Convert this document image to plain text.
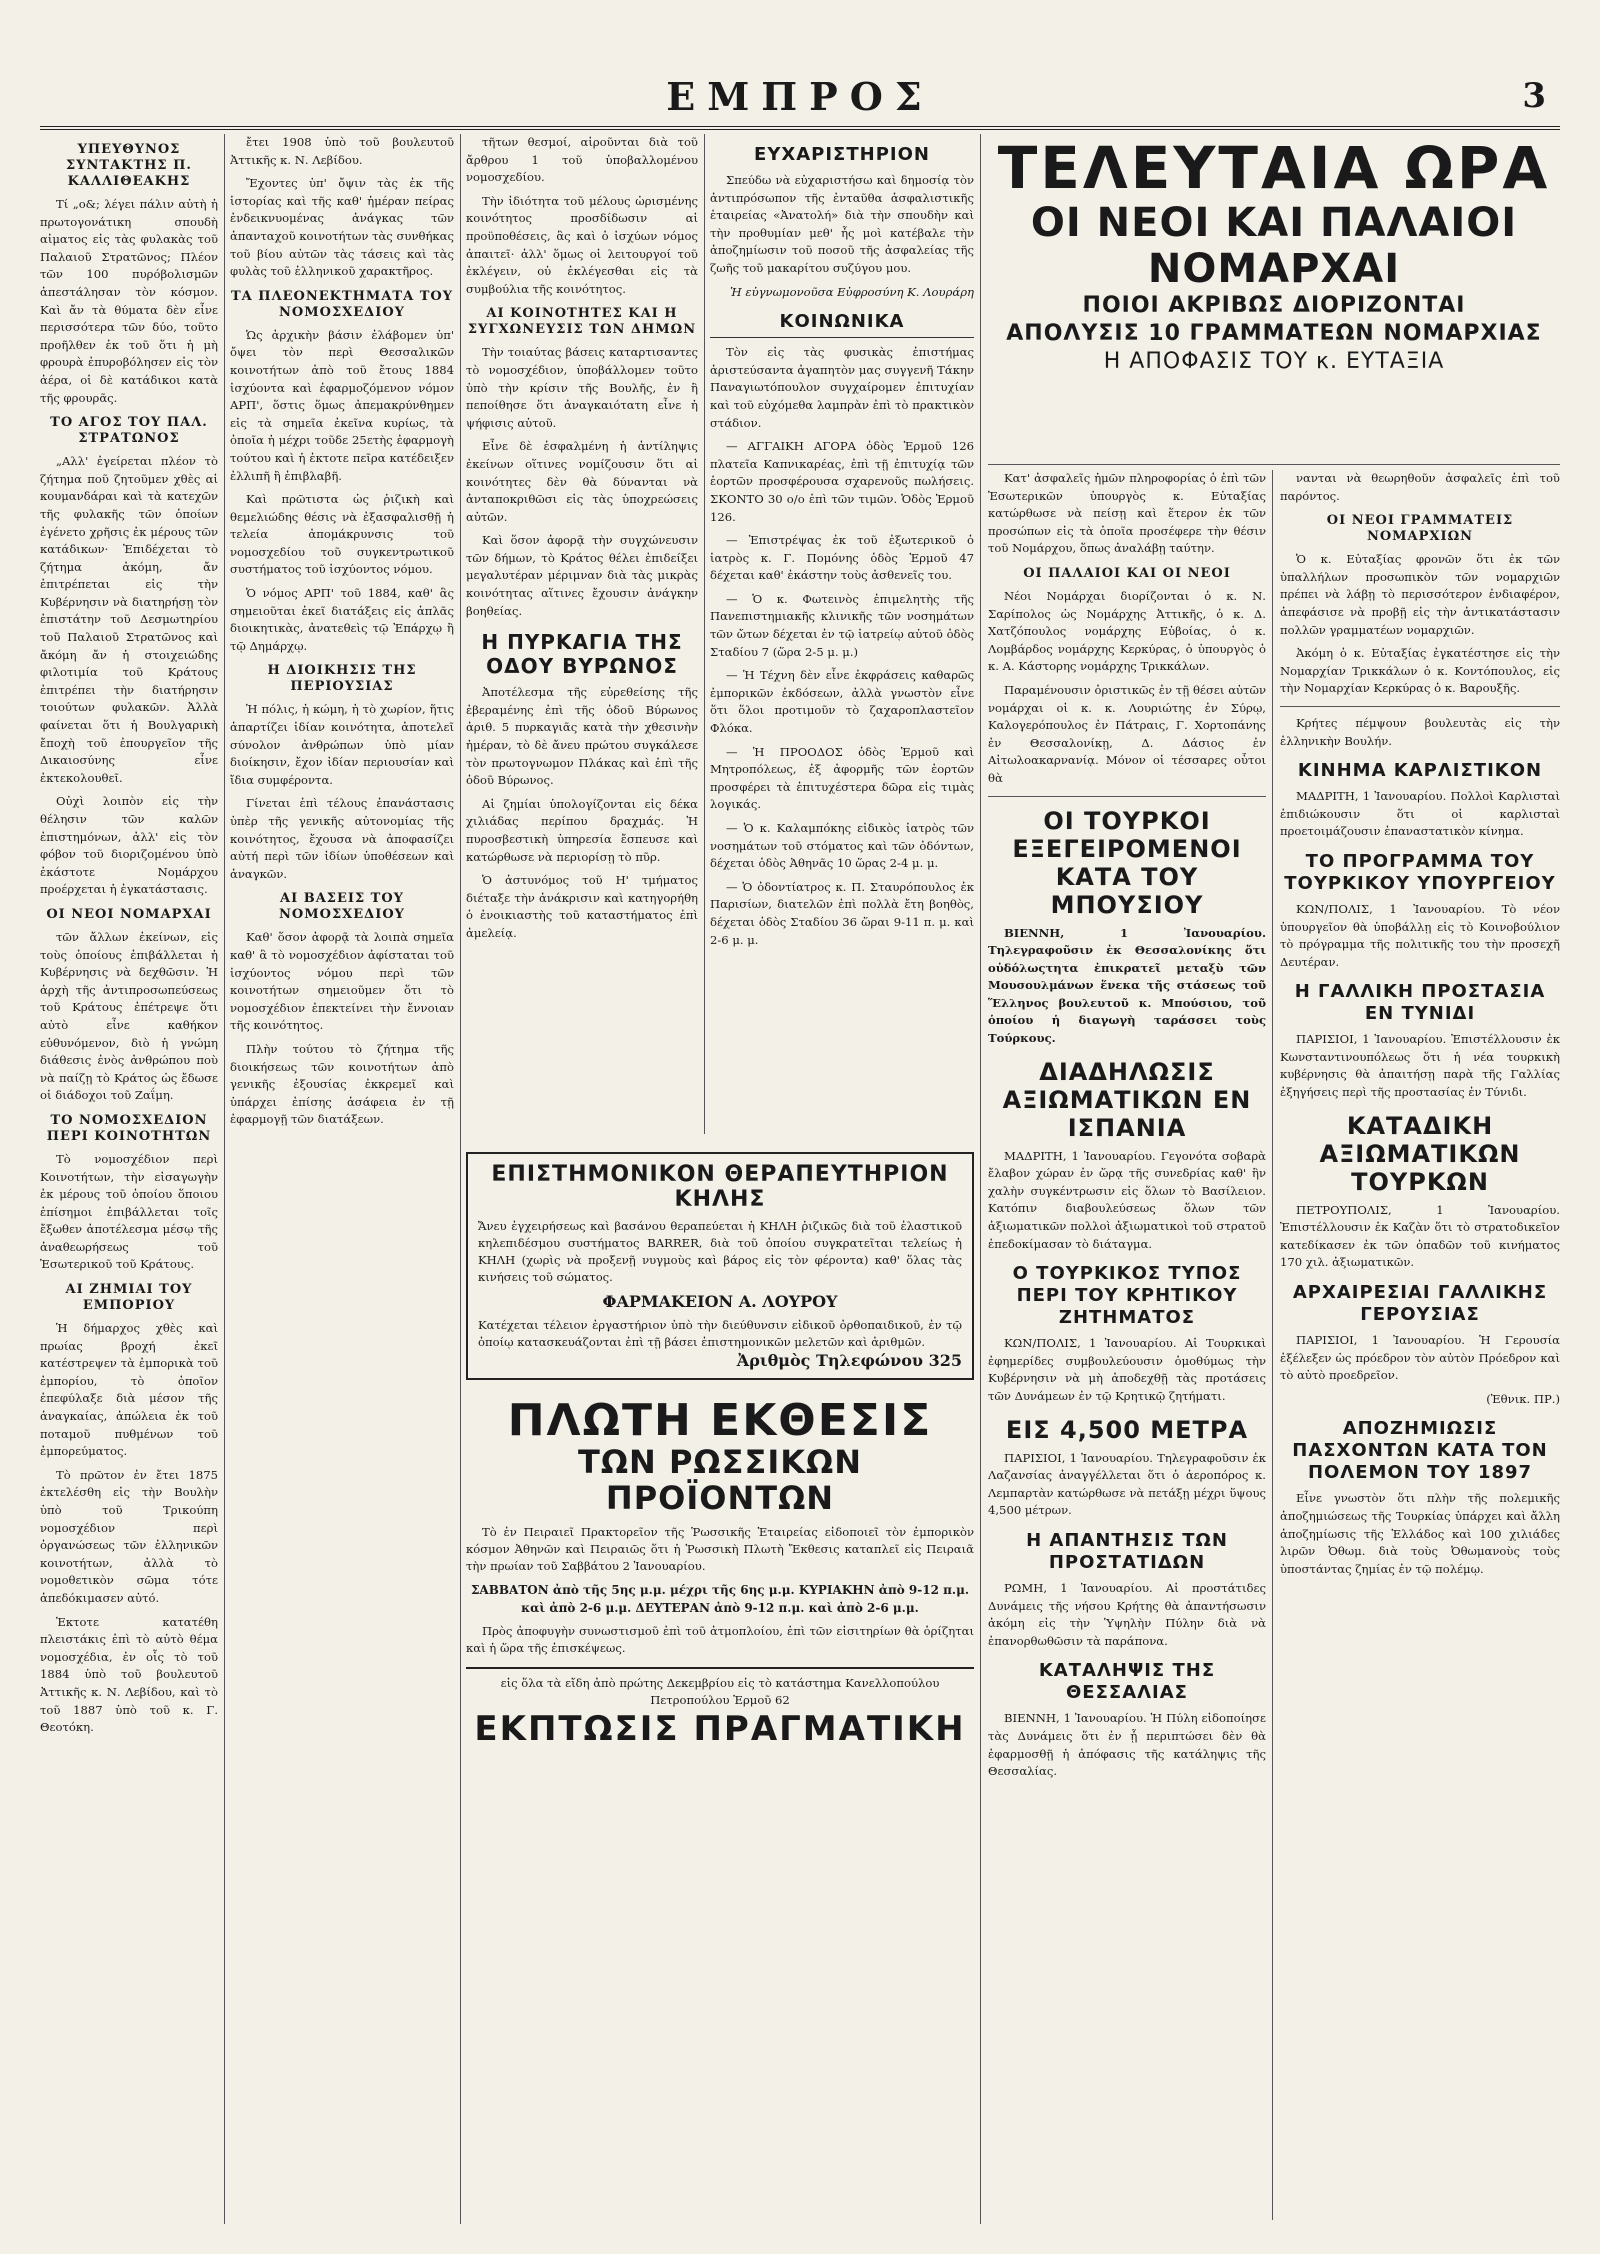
ΕΜΠΡΟΣ	3
ΥΠΕΥΘΥΝΟΣ ΣΥΝΤΑΚΤΗΣ Π. ΚΑΛΛΙΘΕΑΚΗΣ

Τί „ο&; λέγει πάλιν αὐτὴ ἡ πρωτογονάτικη σπουδὴ αἰματος εἰς τὰς φυλακὰς τοῦ Παλαιοῦ Στρατῶνος; Πλέον τῶν 100 πυρόβολισμῶν ἀπεστάλησαν τὸν κόσμον. Καὶ ἄν τὰ θύματα δὲν εἶνε περισσότερα τῶν δύο, τοῦτο προῆλθεν ἐκ τοῦ ὅτι ἡ μὴ φρουρὰ ἐπυροβόλησεν εἰς τὸν ἀέρα, οἱ δὲ κατάδικοι κατὰ τῆς φρουρᾶς.

ΤΟ ΑΓΟΣ ΤΟΥ ΠΑΛ. ΣΤΡΑΤΩΝΟΣ

„Αλλ' ἐγείρεται πλέον τὸ ζήτημα ποῦ ζητοῦμεν χθὲς αἱ κουμανδάραι καὶ τὰ κατεχῶν τῆς φυλακῆς τῶν ὁποίων ἐγένετο χρῆσις ἐκ μέρους τῶν κατάδικων· Ἐπιδέχεται τὸ ζήτημα ἀκόμη, ἄν ἐπιτρέπεται εἰς τὴν Κυβέρνησιν νὰ διατηρήσῃ τὸν ἐπιστάτην τοῦ Δεσμωτηρίου τοῦ Παλαιοῦ Στρατῶνος καὶ ἄκόμη ἄν ἡ στοιχειώδης φιλοτιμία τοῦ Κράτους ἐπιτρέπει τὴν διατήρησιν τοιούτων φυλακῶν. Ἀλλὰ φαίνεται ὅτι ἡ Βουλγαρικὴ ἔποχὴ τοῦ ἐπουργεῖον τῆς Δικαιοσύνης εἶνε ἐκτεκολουθεῖ.

Οὐχὶ λοιπὸν εἰς τὴν θέλησιν τῶν καλῶν ἐπιστημόνων, ἀλλ' εἰς τὸν φόβον τοῦ διοριζομένου ὑπὸ ἐκάστοτε Νομάρχου προέρχεται ἡ ἐγκατάστασις.

ΟΙ ΝΕΟΙ ΝΟΜΑΡΧΑΙ

τῶν ἄλλων ἐκείνων, εἰς τοὺς ὁποίους ἐπιβάλλεται ἡ Κυβέρνησις νὰ δεχθῶσιν. Ἡ ἀρχὴ τῆς ἀντιπροσωπεύσεως τοῦ Κράτους ἐπέτρεψε ὅτι αὐτὸ εἶνε καθήκον εὐθυνόμενον, διὸ ἡ γνώμη διάθεσις ἐνὸς ἀνθρώπου ποὺ νὰ παίζῃ τὸ Κράτος ὡς ἔδωσε οἱ διάδοχοι τοῦ Ζαΐμη.

ΤΟ ΝΟΜΟΣΧΕΔΙΟΝ ΠΕΡΙ ΚΟΙΝΟΤΗΤΩΝ

Τὸ νομοσχέδιον περὶ Κοινοτήτων, τὴν εἰσαγωγὴν ἐκ μέρους τοῦ ὁποίου ὅποιου ἐπίσημοι ἐπιβάλλεται τοῖς ἔξωθεν ἀποτέλεσμα μέσῳ τῆς ἀναθεωρήσεως τοῦ Ἐσωτερικοῦ τοῦ Κράτους.

ΑΙ ΖΗΜΙΑΙ ΤΟΥ ΕΜΠΟΡΙΟΥ

Ἡ δήμαρχος χθὲς καὶ πρωίας βροχή ἐκεῖ κατέστρεψεν τὰ ἐμπορικὰ τοῦ ἐμπορίου, τὸ ὁποῖον ἐπεφύλαξε διὰ μέσον τῆς ἀναγκαίας, ἀπώλεια ἐκ τοῦ ποταμοῦ πυθμένων τοῦ ἐμπορεύματος.

Τὸ πρῶτον ἐν ἔτει 1875 ἐκτελέσθη εἰς τὴν Βουλὴν ὑπὸ τοῦ Τρικούπη νομοσχέδιον περὶ ὀργανώσεως τῶν ἑλληνικῶν κοινοτήτων, ἀλλὰ τὸ νομοθετικὸν σῶμα τότε ἀπεδόκιμασεν αὐτό.

Ἐκτοτε κατατέθη πλειστάκις ἐπὶ τὸ αὐτὸ θέμα νομοσχέδια, ἐν οἷς τὸ τοῦ 1884 ὑπὸ τοῦ βουλευτοῦ Ἀττικῆς κ. Ν. Λεβίδου, καὶ τὸ τοῦ 1887 ὑπὸ τοῦ κ. Γ. Θεοτόκη.

ἔτει 1908 ὑπὸ τοῦ βουλευτοῦ Ἀττικῆς κ. Ν. Λεβίδου.

Ἔχοντες ὑπ' ὄψιν τὰς ἐκ τῆς ἱστορίας καὶ τῆς καθ' ἡμέραν πείρας ἐνδεικνυομένας ἀνάγκας τῶν ἀπανταχοῦ κοινοτήτων τὰς συνθήκας τοῦ βίου αὐτῶν τὰς τάσεις καὶ τὰς φυλὰς τοῦ ἑλληνικοῦ χαρακτῆρος.

ΤΑ ΠΛΕΟΝΕΚΤΗΜΑΤΑ ΤΟΥ ΝΟΜΟΣΧΕΔΙΟΥ

Ὡς ἀρχικὴν βάσιν ἐλάβομεν ὑπ' ὄψει τὸν περὶ Θεσσαλικῶν κοινοτήτων ἀπὸ τοῦ ἔτους 1884 ἰσχύοντα καὶ ἐφαρμοζόμενον νόμον ΑΡΠ', ὅστις ὅμως ἀπεμακρύνθημεν εἰς τὰ σημεῖα ἐκεῖνα κυρίως, τὰ ὁποῖα ἡ μέχρι τοῦδε 25ετὴς ἐφαρμογὴ τούτου καὶ ἡ ἐκτοτε πεῖρα κατέδειξεν ἐλλιπῆ ἢ ἐπιβλαβῆ.

Καὶ πρῶτιστα ὡς ῥιζικὴ καὶ θεμελιώδης θέσις νὰ ἐξασφαλισθῇ ἡ τελεία ἀπομάκρυνσις τοῦ νομοσχεδίου τοῦ συγκεντρωτικοῦ συστήματος τοῦ ἰσχύοντος νόμου.

Ὁ νόμος ΑΡΠ' τοῦ 1884, καθ' ἃς σημειοῦται ἐκεῖ διατάξεις εἰς ἁπλᾶς διοικητικὰς, ἀνατεθεὶς τῷ Ἐπάρχῳ ἢ τῷ Δημάρχῳ.

Η ΔΙΟΙΚΗΣΙΣ ΤΗΣ ΠΕΡΙΟΥΣΙΑΣ

Ἡ πόλις, ἡ κώμη, ἡ τὸ χωρίον, ἥτις ἀπαρτίζει ἰδίαν κοινότητα, ἀποτελεῖ σύνολον ἀνθρώπων ὑπὸ μίαν διοίκησιν, ἔχον ἰδίαν περιουσίαν καὶ ἴδια συμφέροντα.

Γίνεται ἐπὶ τέλους ἐπανάστασις ὑπὲρ τῆς γενικῆς αὐτονομίας τῆς κοινότητος, ἔχουσα νὰ ἀποφασίζει αὐτή περὶ τῶν ἰδίων ὑποθέσεων καὶ ἀναγκῶν.

ΑΙ ΒΑΣΕΙΣ ΤΟΥ ΝΟΜΟΣΧΕΔΙΟΥ

Καθ' ὅσον ἀφορᾷ τὰ λοιπὰ σημεῖα καθ' ἃ τὸ νομοσχέδιον ἀφίσταται τοῦ ἰσχύοντος νόμου περὶ τῶν κοινοτήτων σημειοῦμεν ὅτι τὸ νομοσχέδιον ἐπεκτείνει τὴν ἔννοιαν τῆς κοινότητος.

Πλὴν τούτου τὸ ζήτημα τῆς διοικήσεως τῶν κοινοτήτων ἀπὸ γενικῆς ἐξουσίας ἐκκρεμεῖ καὶ ὑπάρχει ἐπίσης ἀσάφεια ἐν τῇ ἐφαρμογῇ τῶν διατάξεων.

τῆτων θεσμοί, αἱροῦνται διὰ τοῦ ἄρθρου 1 τοῦ ὑποβαλλομένου νομοσχεδίου.

Τὴν ἰδιότητα τοῦ μέλους ὡρισμένης κοινότητος προσδίδωσιν αἱ προϋποθέσεις, ἃς καὶ ὁ ἰσχύων νόμος ἀπαιτεῖ· ἀλλ' ὅμως οἱ λειτουργοί τοῦ ἐκλέγειν, οὐ ἐκλέγεσθαι εἰς τὰ συμβούλια τῆς κοινότητος.

ΑΙ ΚΟΙΝΟΤΗΤΕΣ ΚΑΙ Η ΣΥΓΧΩΝΕΥΣΙΣ ΤΩΝ ΔΗΜΩΝ

Τὴν τοιαύτας βάσεις καταρτισαντες τὸ νομοσχέδιον, ὑποβάλλομεν τοῦτο ὑπὸ τὴν κρίσιν τῆς Βουλῆς, ἐν ἣ πεποίθησε ὅτι ἀναγκαιότατη εἶνε ἡ ψήφισις αὐτοῦ.

Εἶνε δὲ ἐσφαλμένη ἡ ἀντίληψις ἐκείνων οἵτινες νομίζουσιν ὅτι αἱ κοινότητες δὲν θὰ δύνανται νὰ ἀνταποκριθῶσι εἰς τὰς ὑποχρεώσεις αὐτῶν.

Καὶ ὅσον ἀφορᾷ τὴν συγχώνευσιν τῶν δήμων, τὸ Κράτος θέλει ἐπιδείξει μεγαλυτέραν μέριμναν διὰ τὰς μικρὰς κοινότητας αἵτινες ἔχουσιν ἀνάγκην βοηθείας.

Η ΠΥΡΚΑΓΙΑ ΤΗΣ ΟΔΟΥ ΒΥΡΩΝΟΣ

Ἀποτέλεσμα τῆς εὐρεθείσης τῆς ἐβεραμένης ἐπὶ τῆς ὁδοῦ Βύρωνος ἀριθ. 5 πυρκαγιᾶς κατὰ τὴν χθεσινὴν ἡμέραν, τὸ δὲ ἄνευ πρώτου συγκάλεσε τὸν πρωτογνωμον Πλάκας καὶ ἐπὶ τῆς ὁδοῦ Βύρωνος.

Αἱ ζημίαι ὑπολογίζονται εἰς δέκα χιλιάδας περίπου δραχμάς. Ἡ πυροσβεστικὴ ὑπηρεσία ἔσπευσε καὶ κατώρθωσε νὰ περιορίσῃ τὸ πῦρ.

Ὁ ἀστυνόμος τοῦ Η' τμήματος διέταξε τὴν ἀνάκρισιν καὶ κατηγορήθη ὁ ἐνοικιαστὴς τοῦ καταστήματος ἐπὶ ἀμελείᾳ.

ΕΥΧΑΡΙΣΤΗΡΙΟΝ

Σπεύδω νὰ εὐχαριστήσω καὶ δημοσίᾳ τὸν ἀντιπρόσωπον τῆς ἐνταῦθα ἀσφαλιστικῆς ἑταιρείας «Ἀνατολή» διὰ τὴν σπουδὴν καὶ τὴν προθυμίαν μεθ' ἧς μοὶ κατέβαλε τὴν ἀποζημίωσιν τοῦ ποσοῦ τῆς ἀσφαλείας τῆς ζωῆς τοῦ μακαρίτου συζύγου μου.

Ἡ εὐγνωμονοῦσα Εὐφροσύνη Κ. Λουράρη
ΚΟΙΝΩΝΙΚΑ

Τὸν εἰς τὰς φυσικὰς ἐπιστήμας ἀριστεύσαντα ἀγαπητὸν μας συγγενῆ Τάκην Παναγιωτόπουλον συγχαίρομεν ἐπιτυχίαν καὶ τοῦ εὐχόμεθα λαμπρὰν ἐπὶ τὸ πρακτικὸν στάδιον.

— ΑΓΓΑΙΚΗ ΑΓΟΡΑ ὁδὸς Ἑρμοῦ 126 πλατεῖα Καπνικαρέας, ἐπὶ τῇ ἐπιτυχίᾳ τῶν ἑορτῶν προσφέρουσα σχαρενοῦς πωλήσεις. ΣΚΟΝΤΟ 30 ο/ο ἐπὶ τῶν τιμῶν. Ὁδὸς Ἑρμοῦ 126.

— Ἐπιστρέψας ἐκ τοῦ ἐξωτερικοῦ ὁ ἰατρὸς κ. Γ. Πομόνης ὁδὸς Ἑρμοῦ 47 δέχεται καθ' ἑκάστην τοὺς ἀσθενεῖς του.

— Ὁ κ. Φωτεινὸς ἐπιμελητὴς τῆς Πανεπιστημιακῆς κλινικῆς τῶν νοσημάτων τῶν ὤτων δέχεται ἐν τῷ ἰατρείῳ αὐτοῦ ὁδὸς Σταδίου 7 (ὥρα 2-5 μ. μ.)

— Ἡ Τέχνη δὲν εἶνε ἐκφράσεις καθαρῶς ἐμπορικῶν ἐκδόσεων, ἀλλὰ γνωστὸν εἶνε ὅτι ὅλοι προτιμοῦν τὸ ζαχαροπλαστεῖον Φλόκα.

— Ἡ ΠΡΟΟΔΟΣ ὁδὸς Ἑρμοῦ καὶ Μητροπόλεως, ἐξ ἀφορμῆς τῶν ἑορτῶν προσφέρει τὰ ἐπιτυχέστερα δῶρα εἰς τιμὰς λογικάς.

— Ὁ κ. Καλαμπόκης εἰδικὸς ἰατρὸς τῶν νοσημάτων τοῦ στόματος καὶ τῶν ὀδόντων, δέχεται ὁδὸς Ἀθηνᾶς 10 ὥρας 2-4 μ. μ.

— Ὁ ὀδοντίατρος κ. Π. Σταυρόπουλος ἐκ Παρισίων, διατελῶν ἐπὶ πολλὰ ἔτη βοηθὸς, δέχεται ὁδὸς Σταδίου 36 ὥραι 9-11 π. μ. καὶ 2-6 μ. μ.

ΕΠΙΣΤΗΜΟΝΙΚΟΝ ΘΕΡΑΠΕΥΤΗΡΙΟΝ ΚΗΛΗΣ
Ἄνευ ἐγχειρήσεως καὶ βασάνου θεραπεύεται ἡ ΚΗΛΗ ῥιζικῶς διὰ τοῦ ἐλαστικοῦ κηλεπιδέσμου συστήματος BARRER, διὰ τοῦ ὁποίου συγκρατεῖται τελείως ἡ ΚΗΛΗ (χωρὶς νὰ προξενῇ νυγμοὺς καὶ βάρος εἰς τὸν φέροντα) καθ' ὅλας τὰς κινήσεις τοῦ σώματος.
ΦΑΡΜΑΚΕΙΟΝ Α. ΛΟΥΡΟΥ
Κατέχεται τέλειον ἐργαστήριον ὑπὸ τὴν διεύθυνσιν εἰδικοῦ ὀρθοπαιδικοῦ, ἐν τῷ ὁποίῳ κατασκευάζονται ἐπὶ τῇ βάσει ἐπιστημονικῶν μελετῶν καὶ ἀριθμῶν.
Ἀριθμὸς Τηλεφώνου 325
ΠΛΩΤΗ ΕΚΘΕΣΙΣ
ΤΩΝ ΡΩΣΣΙΚΩΝ ΠΡΟΪΟΝΤΩΝ
Τὸ ἐν Πειραιεῖ Πρακτορεῖον τῆς Ῥωσσικῆς Ἑταιρείας εἰδοποιεῖ τὸν ἐμπορικὸν κόσμον Ἀθηνῶν καὶ Πειραιῶς ὅτι ἡ Ῥωσσικὴ Πλωτὴ Ἔκθεσις καταπλεῖ εἰς Πειραιᾶ τὴν πρωίαν τοῦ Σαββάτου 2 Ἰανουαρίου.
ΣΑΒΒΑΤΟΝ ἀπὸ τῆς 5ης μ.μ. μέχρι τῆς 6ης μ.μ. ΚΥΡΙΑΚΗΝ ἀπὸ 9-12 π.μ. καὶ ἀπὸ 2-6 μ.μ. ΔΕΥΤΕΡΑΝ ἀπὸ 9-12 π.μ. καὶ ἀπὸ 2-6 μ.μ.
Πρὸς ἀποφυγὴν συνωστισμοῦ ἐπὶ τοῦ ἀτμοπλοίου, ἐπὶ τῶν εἰσιτηρίων θὰ ὁρίζηται καὶ ἡ ὥρα τῆς ἐπισκέψεως.
εἰς ὅλα τὰ εἴδη ἀπὸ πρώτης Δεκεμβρίου εἰς τὸ κατάστημα Κανελλοπούλου Πετροπούλου Ἑρμοῦ 62
ΕΚΠΤΩΣΙΣ ΠΡΑΓΜΑΤΙΚΗ
ΤΕΛΕΥΤΑΙΑ ΩΡΑ
ΟΙ ΝΕΟΙ ΚΑΙ ΠΑΛΑΙΟΙ ΝΟΜΑΡΧΑΙ
ΠΟΙΟΙ ΑΚΡΙΒΩΣ ΔΙΟΡΙΖΟΝΤΑΙ
ΑΠΟΛΥΣΙΣ 10 ΓΡΑΜΜΑΤΕΩΝ ΝΟΜΑΡΧΙΑΣ
Η ΑΠΟΦΑΣΙΣ ΤΟΥ κ. ΕΥΤΑΞΙΑ

Κατ' ἀσφαλεῖς ἡμῶν πληροφορίας ὁ ἐπὶ τῶν Ἐσωτερικῶν ὑπουργὸς κ. Εὐταξίας κατώρθωσε νὰ πείσῃ καὶ ἕτερον ἐκ τῶν προσώπων εἰς τὰ ὁποῖα προσέφερε τὴν θέσιν τοῦ Νομάρχου, ὅπως ἀναλάβῃ ταύτην.

ΟΙ ΠΑΛΑΙΟΙ ΚΑΙ ΟΙ ΝΕΟΙ

Νέοι Νομάρχαι διορίζονται ὁ κ. Ν. Σαρίπολος ὡς Νομάρχης Ἀττικῆς, ὁ κ. Δ. Χατζόπουλος νομάρχης Εὐβοίας, ὁ κ. Λομβάρδος νομάρχης Κερκύρας, ὁ ὑπουργὸς ὁ κ. Α. Κάστορης νομάρχης Τρικκάλων.

Παραμένουσιν ὀριστικῶς ἐν τῇ θέσει αὐτῶν νομάρχαι οἱ κ. κ. Λουριώτης ἐν Σύρῳ, Καλογερόπουλος ἐν Πάτραις, Γ. Χορτοπάνης ἐν Θεσσαλονίκῃ, Δ. Δάσιος ἐν Αἰτωλοακαρνανίᾳ. Μόνον οἱ τέσσαρες οὗτοι θὰ

ΟΙ ΤΟΥΡΚΟΙ ΕΞΕΓΕΙΡΟΜΕΝΟΙ ΚΑΤΑ ΤΟΥ ΜΠΟΥΣΙΟΥ

ΒΙΕΝΝΗ, 1 Ἰανουαρίου. Τηλεγραφοῦσιν ἐκ Θεσσαλονίκης ὅτι οὐδόλωςτητα ἐπικρατεῖ μεταξὺ τῶν Μουσουλμάνων ἕνεκα τῆς στάσεως τοῦ Ἕλληνος βουλευτοῦ κ. Μπούσιου, τοῦ ὁποίου ἡ διαγωγὴ ταράσσει τοὺς Τούρκους.

ΔΙΑΔΗΛΩΣΙΣ ΑΞΙΩΜΑΤΙΚΩΝ ΕΝ ΙΣΠΑΝΙΑ

ΜΑΔΡΙΤΗ, 1 Ἰανουαρίου. Γεγονότα σοβαρὰ ἔλαβον χώραν ἐν ὥρᾳ τῆς συνεδρίας καθ' ἣν χαλὴν συγκέντρωσιν εἰς ὅλων τὸ Βασίλειον. Κατόπιν διαβουλεύσεως ὅλων τῶν ἀξιωματικῶν πολλοὶ ἀξιωματικοὶ τοῦ στρατοῦ ἐπεδοκίμασαν τὸ διάταγμα.

Ο ΤΟΥΡΚΙΚΟΣ ΤΥΠΟΣ ΠΕΡΙ ΤΟΥ ΚΡΗΤΙΚΟΥ ΖΗΤΗΜΑΤΟΣ

ΚΩΝ/ΠΟΛΙΣ, 1 Ἰανουαρίου. Αἱ Τουρκικαὶ ἐφημερίδες συμβουλεύουσιν ὁμοθύμως τὴν Κυβέρνησιν νὰ μὴ ἀποδεχθῇ τὰς προτάσεις τῶν Δυνάμεων ἐν τῷ Κρητικῷ ζητήματι.

ΕΙΣ 4,500 ΜΕΤΡΑ

ΠΑΡΙΣΙΟΙ, 1 Ἰανουαρίου. Τηλεγραφοῦσιν ἐκ Λαζανσίας ἀναγγέλλεται ὅτι ὁ ἀεροπόρος κ. Λεμπαρτὰν κατώρθωσε νὰ πετάξῃ μέχρι ὕψους 4,500 μέτρων.

Η ΑΠΑΝΤΗΣΙΣ ΤΩΝ ΠΡΟΣΤΑΤΙΔΩΝ

ΡΩΜΗ, 1 Ἰανουαρίου. Αἱ προστάτιδες Δυνάμεις τῆς νήσου Κρήτης θὰ ἀπαντήσωσιν ἀκόμη εἰς τὴν Ὑψηλὴν Πύλην διὰ νὰ ἐπανορθωθῶσιν τὰ παράπονα.

ΚΑΤΑΛΗΨΙΣ ΤΗΣ ΘΕΣΣΑΛΙΑΣ

ΒΙΕΝΝΗ, 1 Ἰανουαρίου. Ἡ Πύλη εἰδοποίησε τὰς Δυνάμεις ὅτι ἐν ᾗ περιπτώσει δὲν θὰ ἐφαρμοσθῇ ἡ ἀπόφασις τῆς κατάληψις τῆς Θεσσαλίας.

νανται νὰ θεωρηθοῦν ἀσφαλεῖς ἐπὶ τοῦ παρόντος.

ΟΙ ΝΕΟΙ ΓΡΑΜΜΑΤΕΙΣ ΝΟΜΑΡΧΙΩΝ

Ὁ κ. Εὐταξίας φρονῶν ὅτι ἐκ τῶν ὑπαλλήλων προσωπικὸν τῶν νομαρχιῶν πρέπει νὰ λάβῃ τὸ περισσότερον ἐνδιαφέρον, ἀπεφάσισε νὰ προβῇ εἰς τὴν ἀντικατάστασιν πολλῶν γραμματέων νομαρχιῶν.

Ἀκόμη ὁ κ. Εὐταξίας ἐγκατέστησε εἰς τὴν Νομαρχίαν Τρικκάλων ὁ κ. Κοντόπουλος, εἰς τὴν Νομαρχίαν Κερκύρας ὁ κ. Βαρουξῆς.

Κρήτες πέμψουν βουλευτὰς εἰς τὴν ἑλληνικὴν Βουλήν.

ΚΙΝΗΜΑ ΚΑΡΛΙΣΤΙΚΟΝ

ΜΑΔΡΙΤΗ, 1 Ἰανουαρίου. Πολλοὶ Καρλισταὶ ἐπιδιώκουσιν ὅτι οἱ καρλισταὶ προετοιμάζουσιν ἐπαναστατικὸν κίνημα.

ΤΟ ΠΡΟΓΡΑΜΜΑ ΤΟΥ ΤΟΥΡΚΙΚΟΥ ΥΠΟΥΡΓΕΙΟΥ

ΚΩΝ/ΠΟΛΙΣ, 1 Ἰανουαρίου. Τὸ νέον ὑπουργεῖον θὰ ὑποβάλλῃ εἰς τὸ Κοινοβούλιον τὸ πρόγραμμα τῆς πολιτικῆς του τὴν προσεχῆ Δευτέραν.

Η ΓΑΛΛΙΚΗ ΠΡΟΣΤΑΣΙΑ ΕΝ ΤΥΝΙΔΙ

ΠΑΡΙΣΙΟΙ, 1 Ἰανουαρίου. Ἐπιστέλλουσιν ἐκ Κωνσταντινουπόλεως ὅτι ἡ νέα τουρκικὴ κυβέρνησις θὰ ἀπαιτήσῃ παρὰ τῆς Γαλλίας ἐξηγήσεις περὶ τῆς προστασίας ἐν Τύνιδι.

ΚΑΤΑΔΙΚΗ ΑΞΙΩΜΑΤΙΚΩΝ ΤΟΥΡΚΩΝ

ΠΕΤΡΟΥΠΟΛΙΣ, 1 Ἰανουαρίου. Ἐπιστέλλουσιν ἐκ Καζὰν ὅτι τὸ στρατοδικεῖον κατεδίκασεν ἐκ τῶν ὀπαδῶν τοῦ κινήματος 170 χιλ. ἀξιωματικῶν.

ΑΡΧΑΙΡΕΣΙΑΙ ΓΑΛΛΙΚΗΣ ΓΕΡΟΥΣΙΑΣ

ΠΑΡΙΣΙΟΙ, 1 Ἰανουαρίου. Ἡ Γερουσία ἐξέλεξεν ὡς πρόεδρον τὸν αὐτὸν Πρόεδρον καὶ τὸ αὐτὸ προεδρεῖον.

(Ἐθνικ. ΠΡ.)
ΑΠΟΖΗΜΙΩΣΙΣ ΠΑΣΧΟΝΤΩΝ ΚΑΤΑ ΤΟΝ ΠΟΛΕΜΟΝ ΤΟΥ 1897

Εἶνε γνωστὸν ὅτι πλὴν τῆς πολεμικῆς ἀποζημιώσεως τῆς Τουρκίας ὑπάρχει καὶ ἄλλη ἀποζημίωσις τῆς Ἑλλάδος καὶ 100 χιλιάδες λιρῶν Ὀθωμ. διὰ τοὺς Ὀθωμανοὺς τοὺς ὑποστάντας ζημίας ἐν τῷ πολέμῳ.
